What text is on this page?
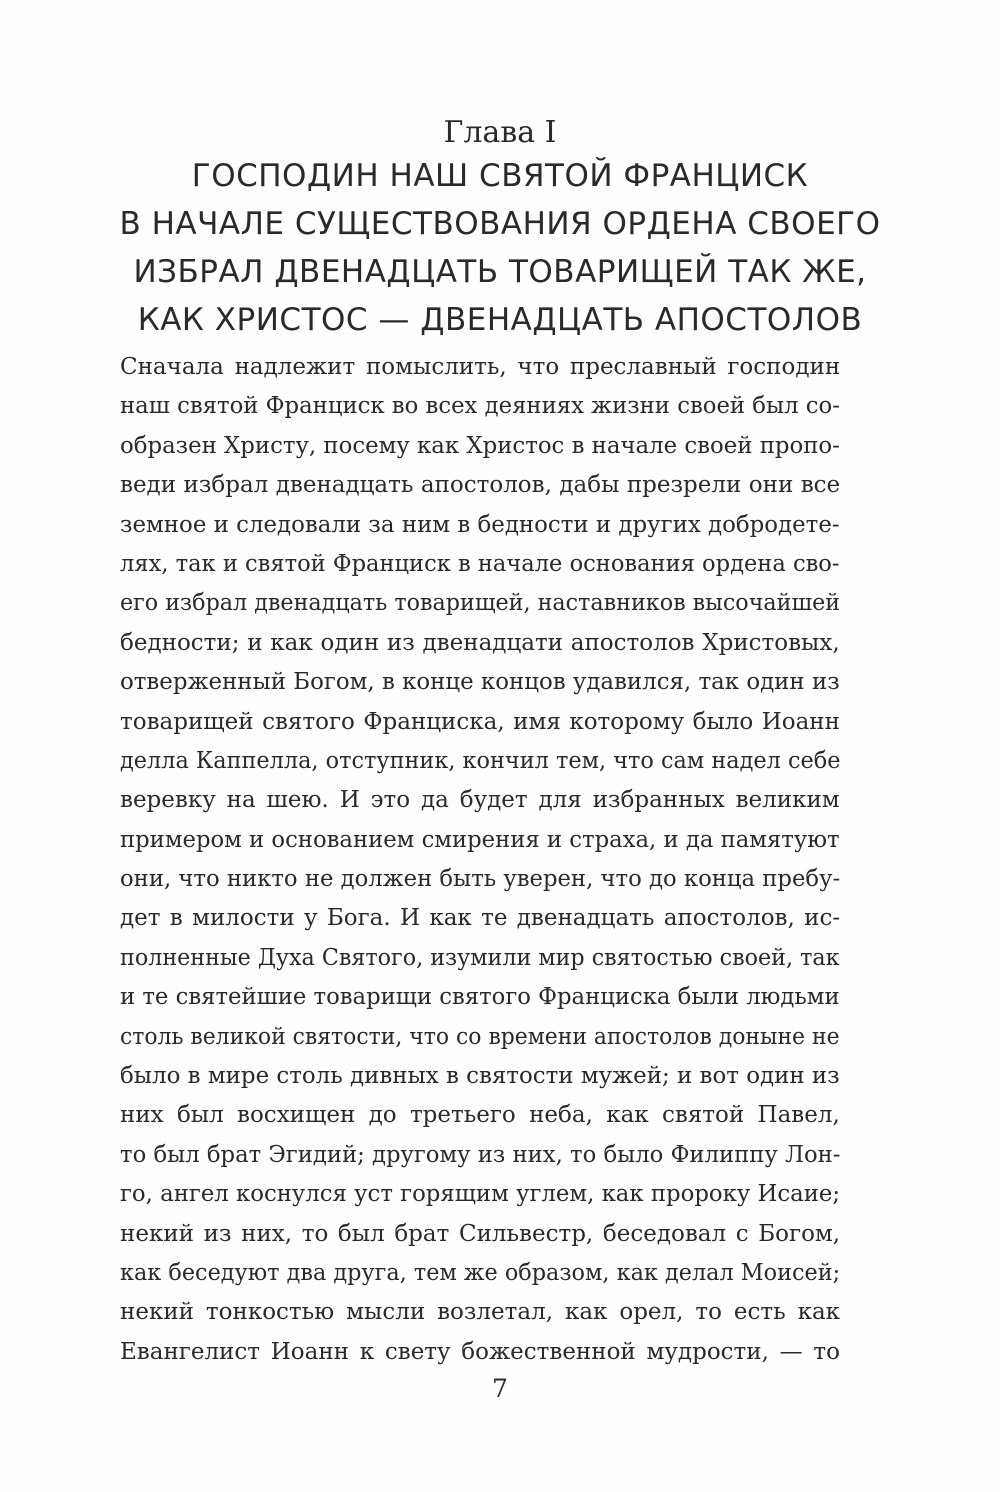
Глава I
ГОСПОДИН НАШ СВЯТОЙ ФРАНЦИСК
В НАЧАЛЕ СУЩЕСТВОВАНИЯ ОРДЕНА СВОЕГО
ИЗБРАЛ ДВЕНАДЦАТЬ ТОВАРИЩЕЙ ТАК ЖЕ,
КАК ХРИСТОС — ДВЕНАДЦАТЬ АПОСТОЛОВ
Сначала надлежит помыслить, что преславный господин
наш святой Франциск во всех деяниях жизни своей был со-
образен Христу, посему как Христос в начале своей пропо-
веди избрал двенадцать апостолов, дабы презрели они все
земное и следовали за ним в бедности и других добродете-
лях, так и святой Франциск в начале основания ордена сво-
его избрал двенадцать товарищей, наставников высочайшей
бедности; и как один из двенадцати апостолов Христовых,
отверженный Богом, в конце концов удавился, так один из
товарищей святого Франциска, имя которому было Иоанн
делла Каппелла, отступник, кончил тем, что сам надел себе
веревку на шею. И это да будет для избранных великим
примером и основанием смирения и страха, и да памятуют
они, что никто не должен быть уверен, что до конца пребу-
дет в милости у Бога. И как те двенадцать апостолов, ис-
полненные Духа Святого, изумили мир святостью своей, так
и те святейшие товарищи святого Франциска были людьми
столь великой святости, что со времени апостолов доныне не
было в мире столь дивных в святости мужей; и вот один из
них был восхищен до третьего неба, как святой Павел,
то был брат Эгидий; другому из них, то было Филиппу Лон-
го, ангел коснулся уст горящим углем, как пророку Исаие;
некий из них, то был брат Сильвестр, беседовал с Богом,
как беседуют два друга, тем же образом, как делал Моисей;
некий тонкостью мысли возлетал, как орел, то есть как
Евангелист Иоанн к свету божественной мудрости, — то
7
